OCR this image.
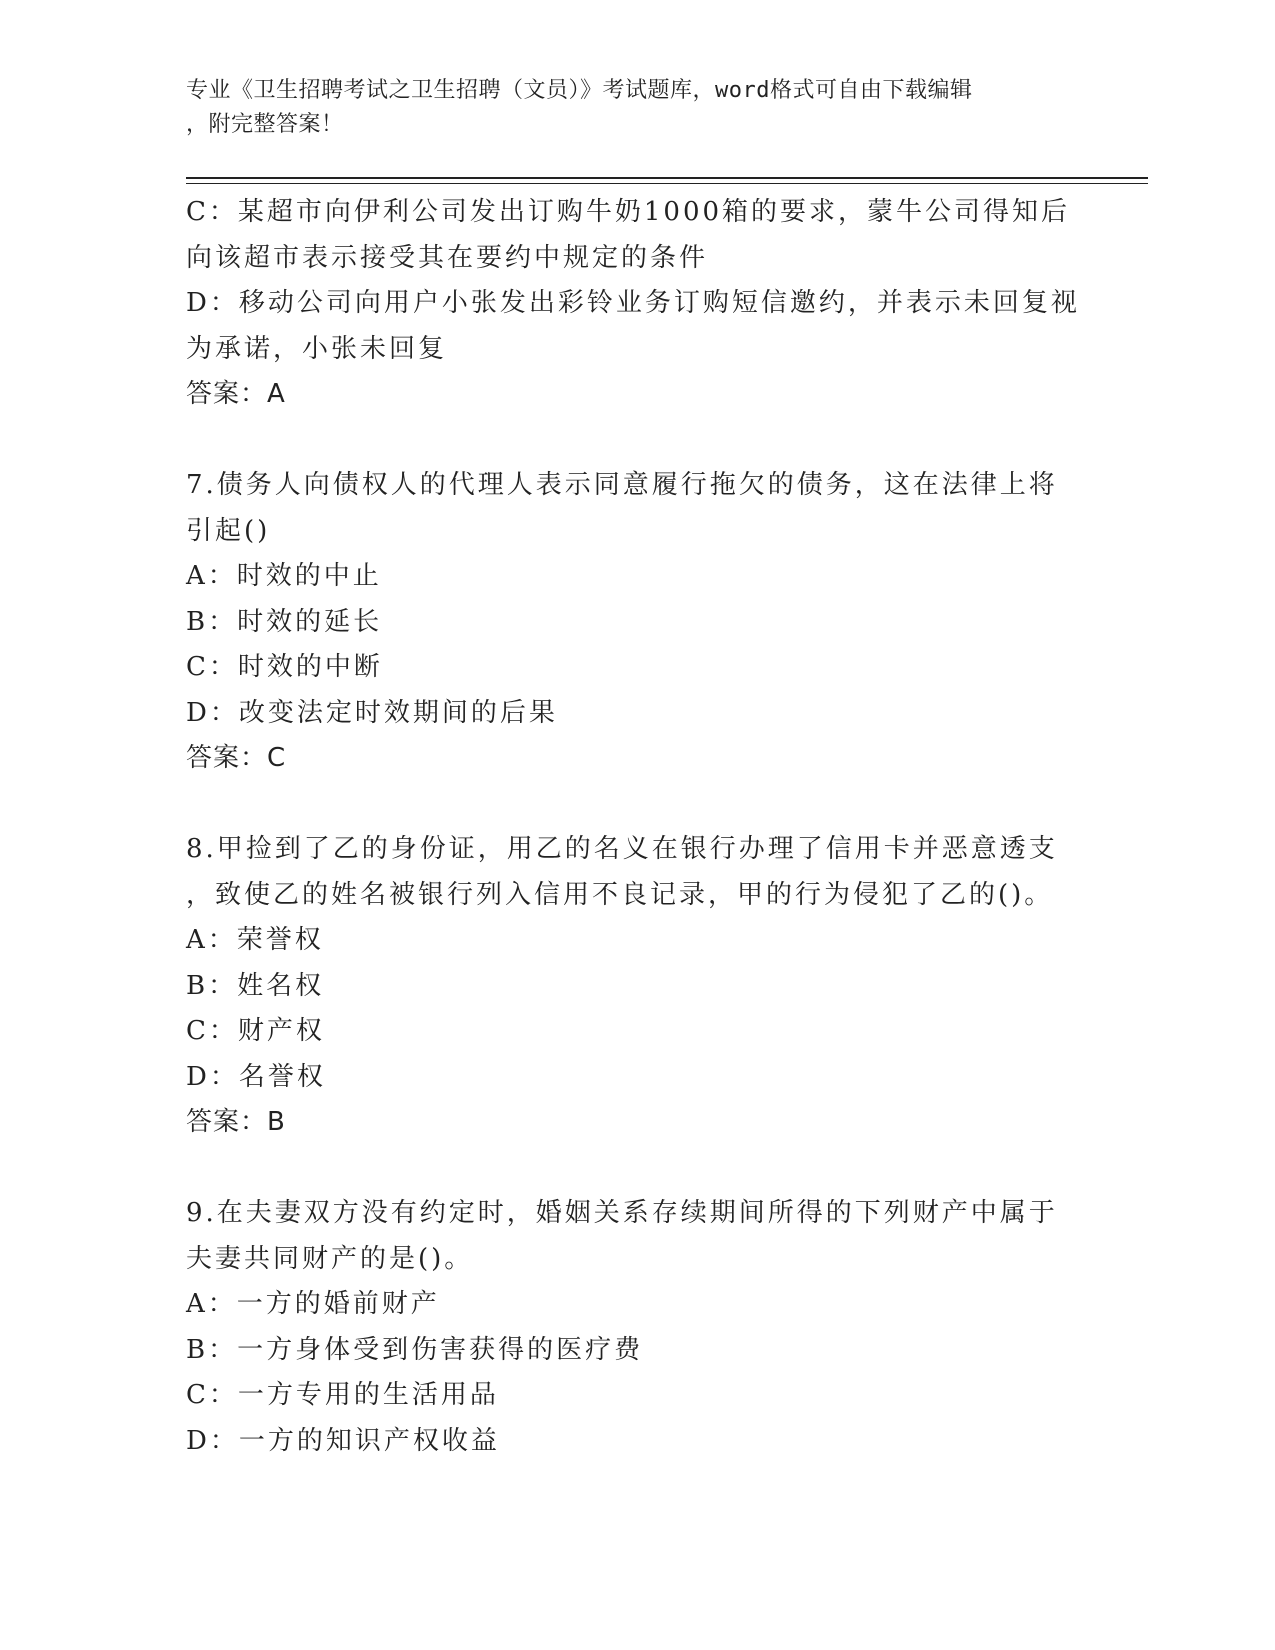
专业《卫生招聘考试之卫生招聘（文员）》考试题库，word格式可自由下载编辑
，附完整答案！
C：某超市向伊利公司发出订购牛奶1000箱的要求，蒙牛公司得知后
向该超市表示接受其在要约中规定的条件
D：移动公司向用户小张发出彩铃业务订购短信邀约，并表示未回复视
为承诺，小张未回复
答案：A
7.债务人向债权人的代理人表示同意履行拖欠的债务，这在法律上将
引起()
A：时效的中止
B：时效的延长
C：时效的中断
D：改变法定时效期间的后果
答案：C
8.甲捡到了乙的身份证，用乙的名义在银行办理了信用卡并恶意透支
，致使乙的姓名被银行列入信用不良记录，甲的行为侵犯了乙的()。
A：荣誉权
B：姓名权
C：财产权
D：名誉权
答案：B
9.在夫妻双方没有约定时，婚姻关系存续期间所得的下列财产中属于
夫妻共同财产的是()。
A：一方的婚前财产
B：一方身体受到伤害获得的医疗费
C：一方专用的生活用品
D：一方的知识产权收益
